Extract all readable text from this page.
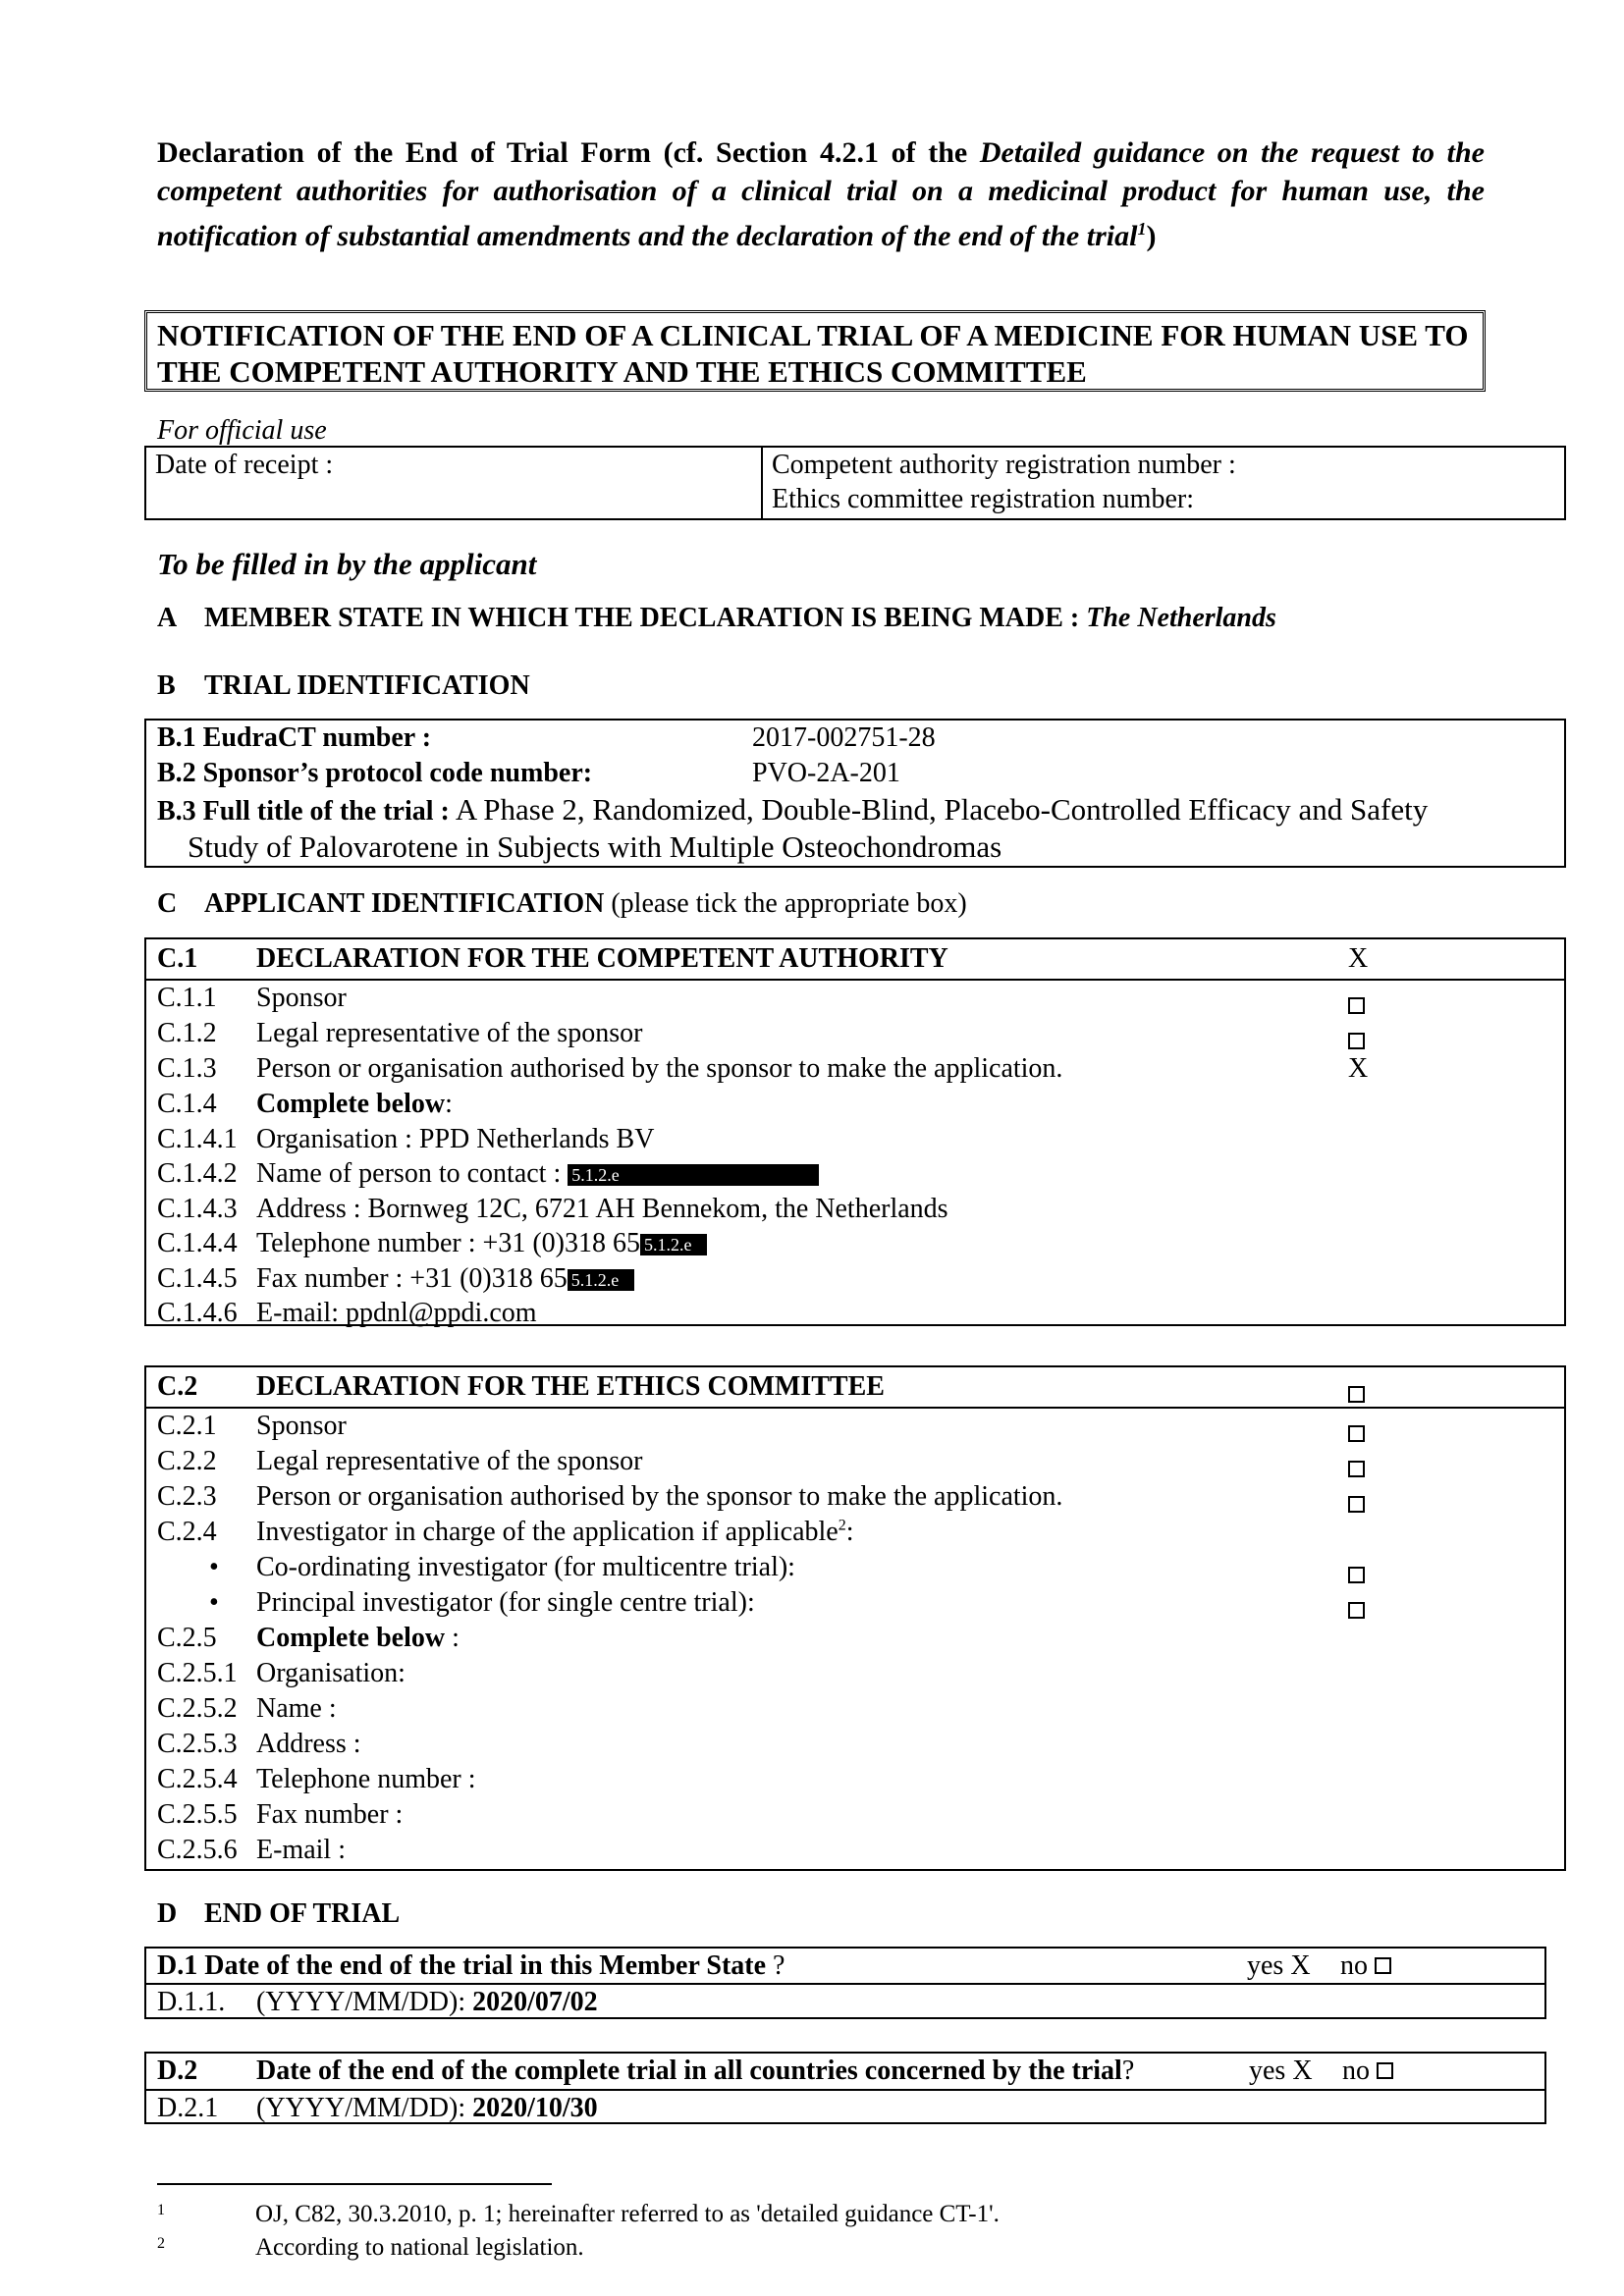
Declaration of the End of Trial Form (cf. Section 4.2.1 of the Detailed guidance on the request to the competent authorities for authorisation of a clinical trial on a medicinal product for human use, the notification of substantial amendments and the declaration of the end of the trial$^1$)
NOTIFICATION OF THE END OF A CLINICAL TRIAL OF A MEDICINE FOR HUMAN USE TO THE COMPETENT AUTHORITY AND THE ETHICS COMMITTEE
For official use
Date of receipt :	Competent authority registration number :
Ethics committee registration number:
To be filled in by the applicant
A MEMBER STATE IN WHICH THE DECLARATION IS BEING MADE : The Netherlands
B TRIAL IDENTIFICATION
B.1 EudraCT number :	2017-002751-28
B.2 Sponsor’s protocol code number:	PVO-2A-201
B.3 Full title of the trial : A Phase 2, Randomized, Double-Blind, Placebo-Controlled Efficacy and Safety
Study of Palovarotene in Subjects with Multiple Osteochondromas
C APPLICANT IDENTIFICATION (please tick the appropriate box)
C.1 DECLARATION FOR THE COMPETENT AUTHORITY	X
C.1.1 Sponsor
C.1.2 Legal representative of the sponsor
C.1.3 Person or organisation authorised by the sponsor to make the application.	X
C.1.4 Complete below:
C.1.4.1 Organisation : PPD Netherlands BV
C.1.4.2 Name of person to contact : 5.1.2.e
C.1.4.3 Address : Bornweg 12C, 6721 AH Bennekom, the Netherlands
C.1.4.4 Telephone number : +31 (0)318 65 5.1.2.e
C.1.4.5 Fax number : +31 (0)318 65 5.1.2.e
C.1.4.6 E-mail: ppdnl@ppdi.com
C.2 DECLARATION FOR THE ETHICS COMMITTEE
C.2.1 Sponsor
C.2.2 Legal representative of the sponsor
C.2.3 Person or organisation authorised by the sponsor to make the application.
C.2.4 Investigator in charge of the application if applicable$^2$:
• Co-ordinating investigator (for multicentre trial):
• Principal investigator (for single centre trial):
C.2.5 Complete below :
C.2.5.1 Organisation:
C.2.5.2 Name :
C.2.5.3 Address :
C.2.5.4 Telephone number :
C.2.5.5 Fax number :
C.2.5.6 E-mail :
D END OF TRIAL
D.1 Date of the end of the trial in this Member State ?	yes X no
D.1.1. (YYYY/MM/DD): 2020/07/02
D.2 Date of the end of the complete trial in all countries concerned by the trial?	yes X no
D.2.1 (YYYY/MM/DD): 2020/10/30
1	OJ, C82, 30.3.2010, p. 1; hereinafter referred to as 'detailed guidance CT-1'.
2	According to national legislation.
